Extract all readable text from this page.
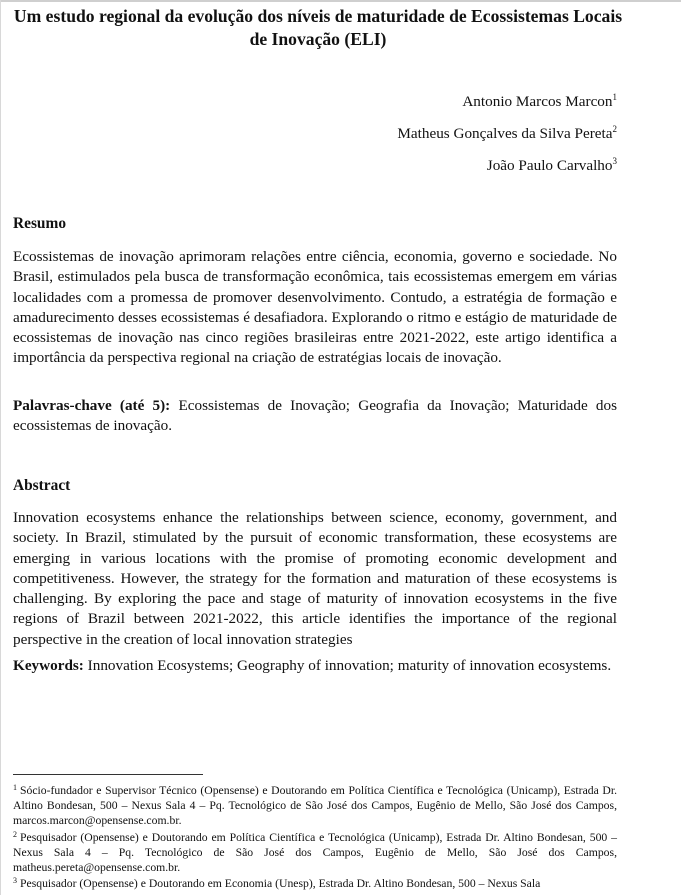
Um estudo regional da evolução dos níveis de maturidade de Ecossistemas Locais de Inovação (ELI)
Antonio Marcos Marcon$^1$
Matheus Gonçalves da Silva Pereta$^2$
João Paulo Carvalho$^3$
Resumo
Ecossistemas de inovação aprimoram relações entre ciência, economia, governo e sociedade. No Brasil, estimulados pela busca de transformação econômica, tais ecossistemas emergem em várias localidades com a promessa de promover desenvolvimento. Contudo, a estratégia de formação e amadurecimento desses ecossistemas é desafiadora. Explorando o ritmo e estágio de maturidade de ecossistemas de inovação nas cinco regiões brasileiras entre 2021-2022, este artigo identifica a importância da perspectiva regional na criação de estratégias locais de inovação.
Palavras-chave (até 5): Ecossistemas de Inovação; Geografia da Inovação; Maturidade dos ecossistemas de inovação.
Abstract
Innovation ecosystems enhance the relationships between science, economy, government, and society. In Brazil, stimulated by the pursuit of economic transformation, these ecosystems are emerging in various locations with the promise of promoting economic development and competitiveness. However, the strategy for the formation and maturation of these ecosystems is challenging. By exploring the pace and stage of maturity of innovation ecosystems in the five regions of Brazil between 2021-2022, this article identifies the importance of the regional perspective in the creation of local innovation strategies
Keywords: Innovation Ecosystems; Geography of innovation; maturity of innovation ecosystems.

$^1$ Sócio-fundador e Supervisor Técnico (Opensense) e Doutorando em Política Científica e Tecnológica (Unicamp), Estrada Dr. Altino Bondesan, 500 – Nexus Sala 4 – Pq. Tecnológico de São José dos Campos, Eugênio de Mello, São José dos Campos, marcos.marcon@opensense.com.br.

$^2$ Pesquisador (Opensense) e Doutorando em Política Científica e Tecnológica (Unicamp), Estrada Dr. Altino Bondesan, 500 – Nexus Sala 4 – Pq. Tecnológico de São José dos Campos, Eugênio de Mello, São José dos Campos, matheus.pereta@opensense.com.br.

$^3$ Pesquisador (Opensense) e Doutorando em Economia (Unesp), Estrada Dr. Altino Bondesan, 500 – Nexus Sala
